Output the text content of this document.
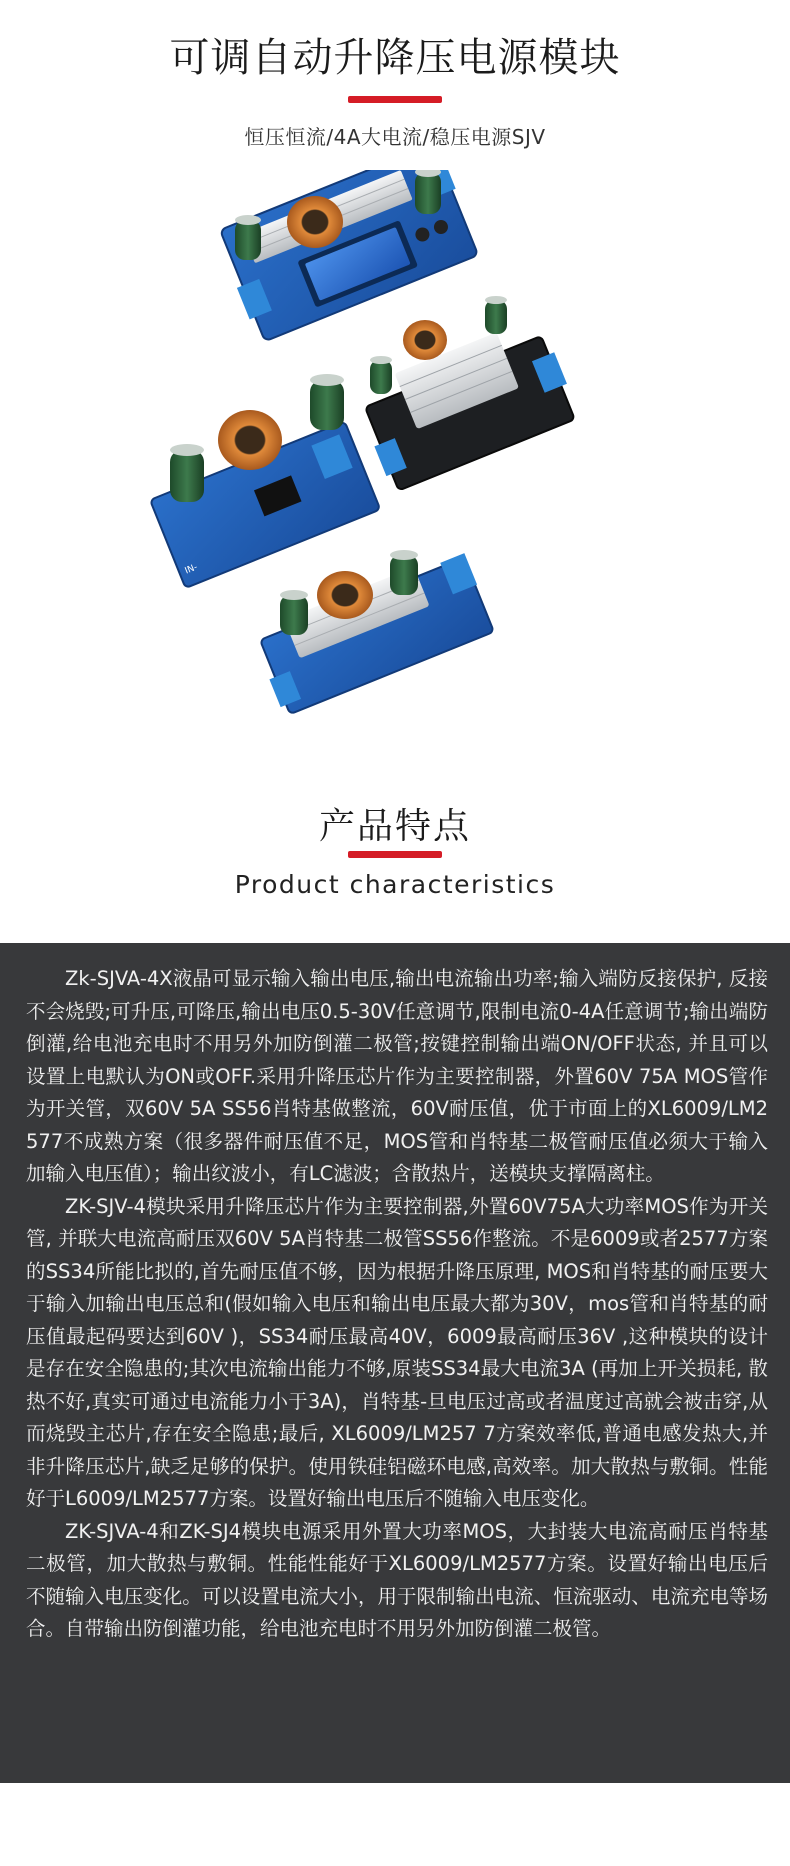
可调自动升降压电源模块
恒压恒流/4A大电流/稳压电源SJV
IN-
产品特点
Product characteristics

Zk-SJVA-4X液晶可显示输入输出电压,输出电流输出功率;输入端防反接保护, 反接不会烧毁;可升压,可降压,输出电压0.5-30V任意调节,限制电流0-4A任意调节;输出端防倒灌,给电池充电时不用另外加防倒灌二极管;按键控制输出端ON/OFF状态, 并且可以设置上电默认为ON或OFF.采用升降压芯片作为主要控制器，外置60V 75A MOS管作为开关管，双60V 5A SS56肖特基做整流，60V耐压值，优于市面上的XL6009/LM2577不成熟方案（很多器件耐压值不足，MOS管和肖特基二极管耐压值必须大于输入加输入电压值）；输出纹波小，有LC滤波；含散热片，送模块支撑隔离柱。

ZK-SJV-4模块采用升降压芯片作为主要控制器,外置60V75A大功率MOS作为开关管, 并联大电流高耐压双60V 5A肖特基二极管SS56作整流。不是6009或者2577方案的SS34所能比拟的,首先耐压值不够，因为根据升降压原理, MOS和肖特基的耐压要大于输入加输出电压总和(假如输入电压和输出电压最大都为30V，mos管和肖特基的耐压值最起码要达到60V )，SS34耐压最高40V，6009最高耐压36V ,这种模块的设计是存在安全隐患的;其次电流输出能力不够,原装SS34最大电流3A (再加上开关损耗, 散热不好,真实可通过电流能力小于3A)，肖特基-旦电压过高或者温度过高就会被击穿,从而烧毁主芯片,存在安全隐患;最后, XL6009/LM257 7方案效率低,普通电感发热大,并非升降压芯片,缺乏足够的保护。使用铁硅铝磁环电感,高效率。加大散热与敷铜。性能好于L6009/LM2577方案。设置好输出电压后不随输入电压变化。

ZK-SJVA-4和ZK-SJ4模块电源采用外置大功率MOS，大封装大电流高耐压肖特基二极管，加大散热与敷铜。性能性能好于XL6009/LM2577方案。设置好输出电压后不随输入电压变化。可以设置电流大小，用于限制输出电流、恒流驱动、电流充电等场合。自带输出防倒灌功能，给电池充电时不用另外加防倒灌二极管。
